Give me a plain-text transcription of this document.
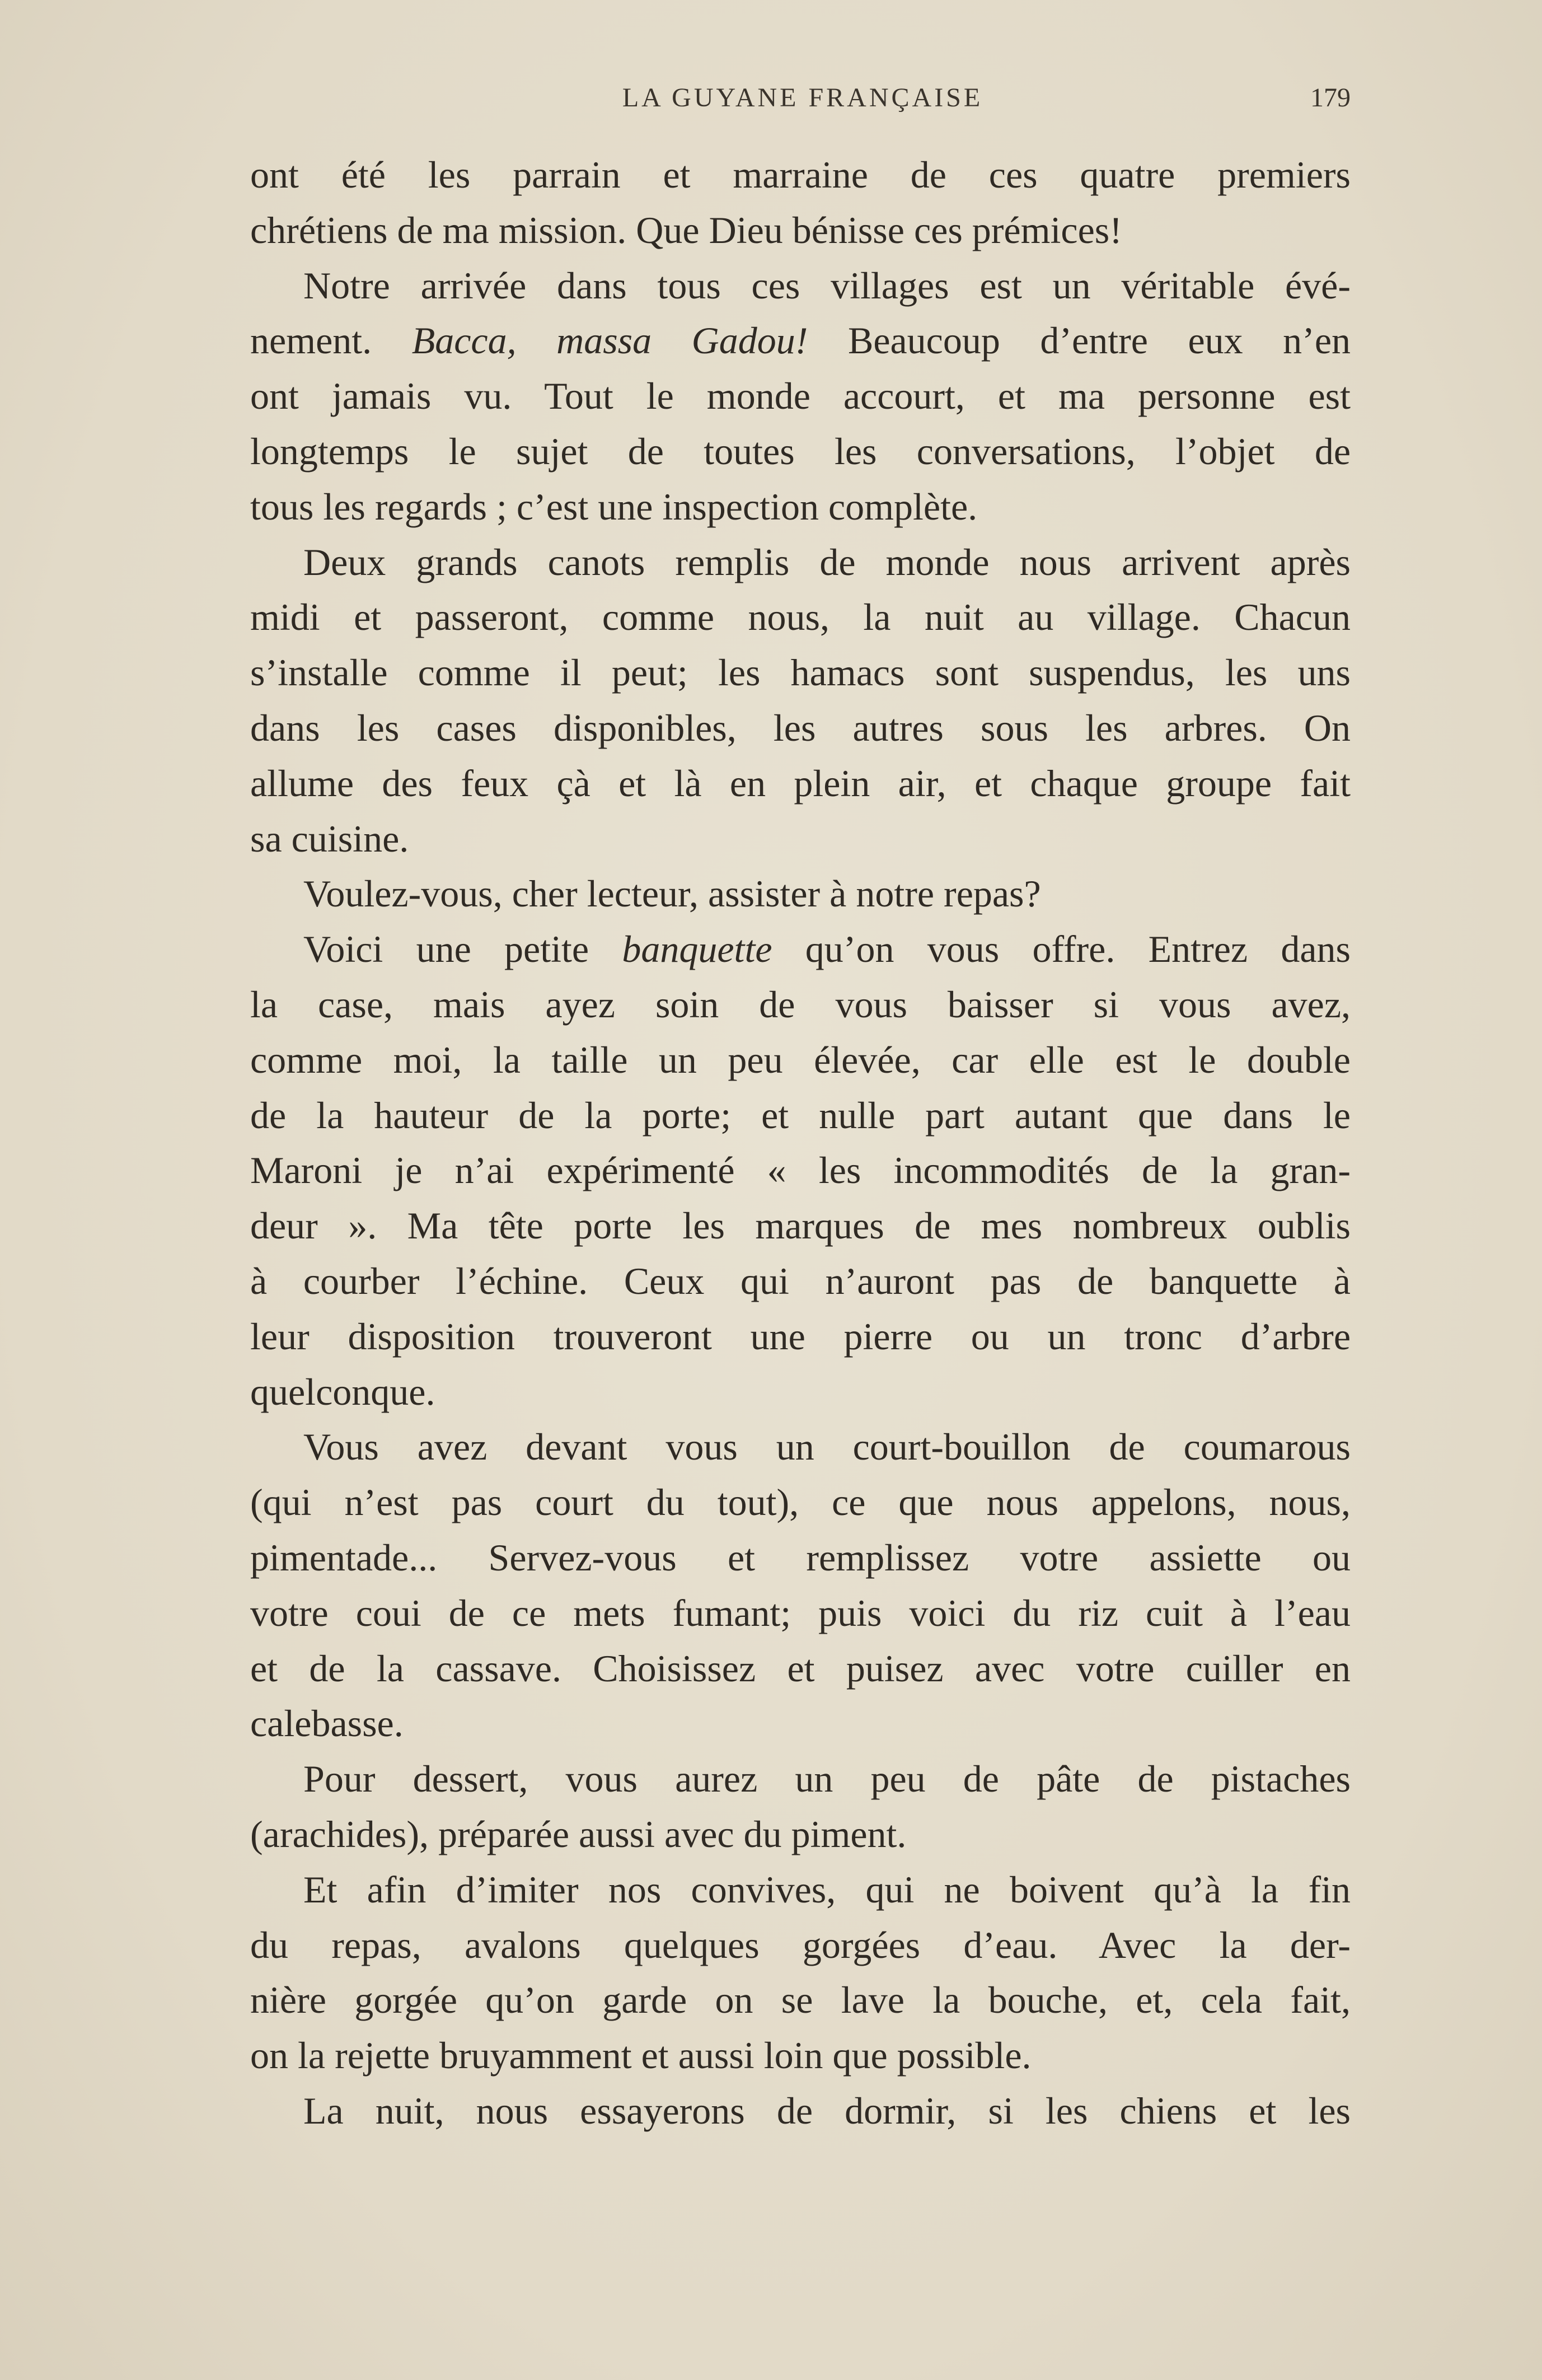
LA GUYANE FRANÇAISE	179
ont été les parrain et marraine de ces quatre premiers
chrétiens de ma mission. Que Dieu bénisse ces prémices!
Notre arrivée dans tous ces villages est un véritable évé-
nement. Bacca, massa Gadou! Beaucoup d’entre eux n’en
ont jamais vu. Tout le monde accourt, et ma personne est
longtemps le sujet de toutes les conversations, l’objet de
tous les regards ; c’est une inspection complète.
Deux grands canots remplis de monde nous arrivent après
midi et passeront, comme nous, la nuit au village. Chacun
s’installe comme il peut; les hamacs sont suspendus, les uns
dans les cases disponibles, les autres sous les arbres. On
allume des feux çà et là en plein air, et chaque groupe fait
sa cuisine.
Voulez-vous, cher lecteur, assister à notre repas?
Voici une petite banquette qu’on vous offre. Entrez dans
la case, mais ayez soin de vous baisser si vous avez,
comme moi, la taille un peu élevée, car elle est le double
de la hauteur de la porte; et nulle part autant que dans le
Maroni je n’ai expérimenté « les incommodités de la gran-
deur ». Ma tête porte les marques de mes nombreux oublis
à courber l’échine. Ceux qui n’auront pas de banquette à
leur disposition trouveront une pierre ou un tronc d’arbre
quelconque.
Vous avez devant vous un court-bouillon de coumarous
(qui n’est pas court du tout), ce que nous appelons, nous,
pimentade... Servez-vous et remplissez votre assiette ou
votre coui de ce mets fumant; puis voici du riz cuit à l’eau
et de la cassave. Choisissez et puisez avec votre cuiller en
calebasse.
Pour dessert, vous aurez un peu de pâte de pistaches
(arachides), préparée aussi avec du piment.
Et afin d’imiter nos convives, qui ne boivent qu’à la fin
du repas, avalons quelques gorgées d’eau. Avec la der-
nière gorgée qu’on garde on se lave la bouche, et, cela fait,
on la rejette bruyamment et aussi loin que possible.
La nuit, nous essayerons de dormir, si les chiens et les
